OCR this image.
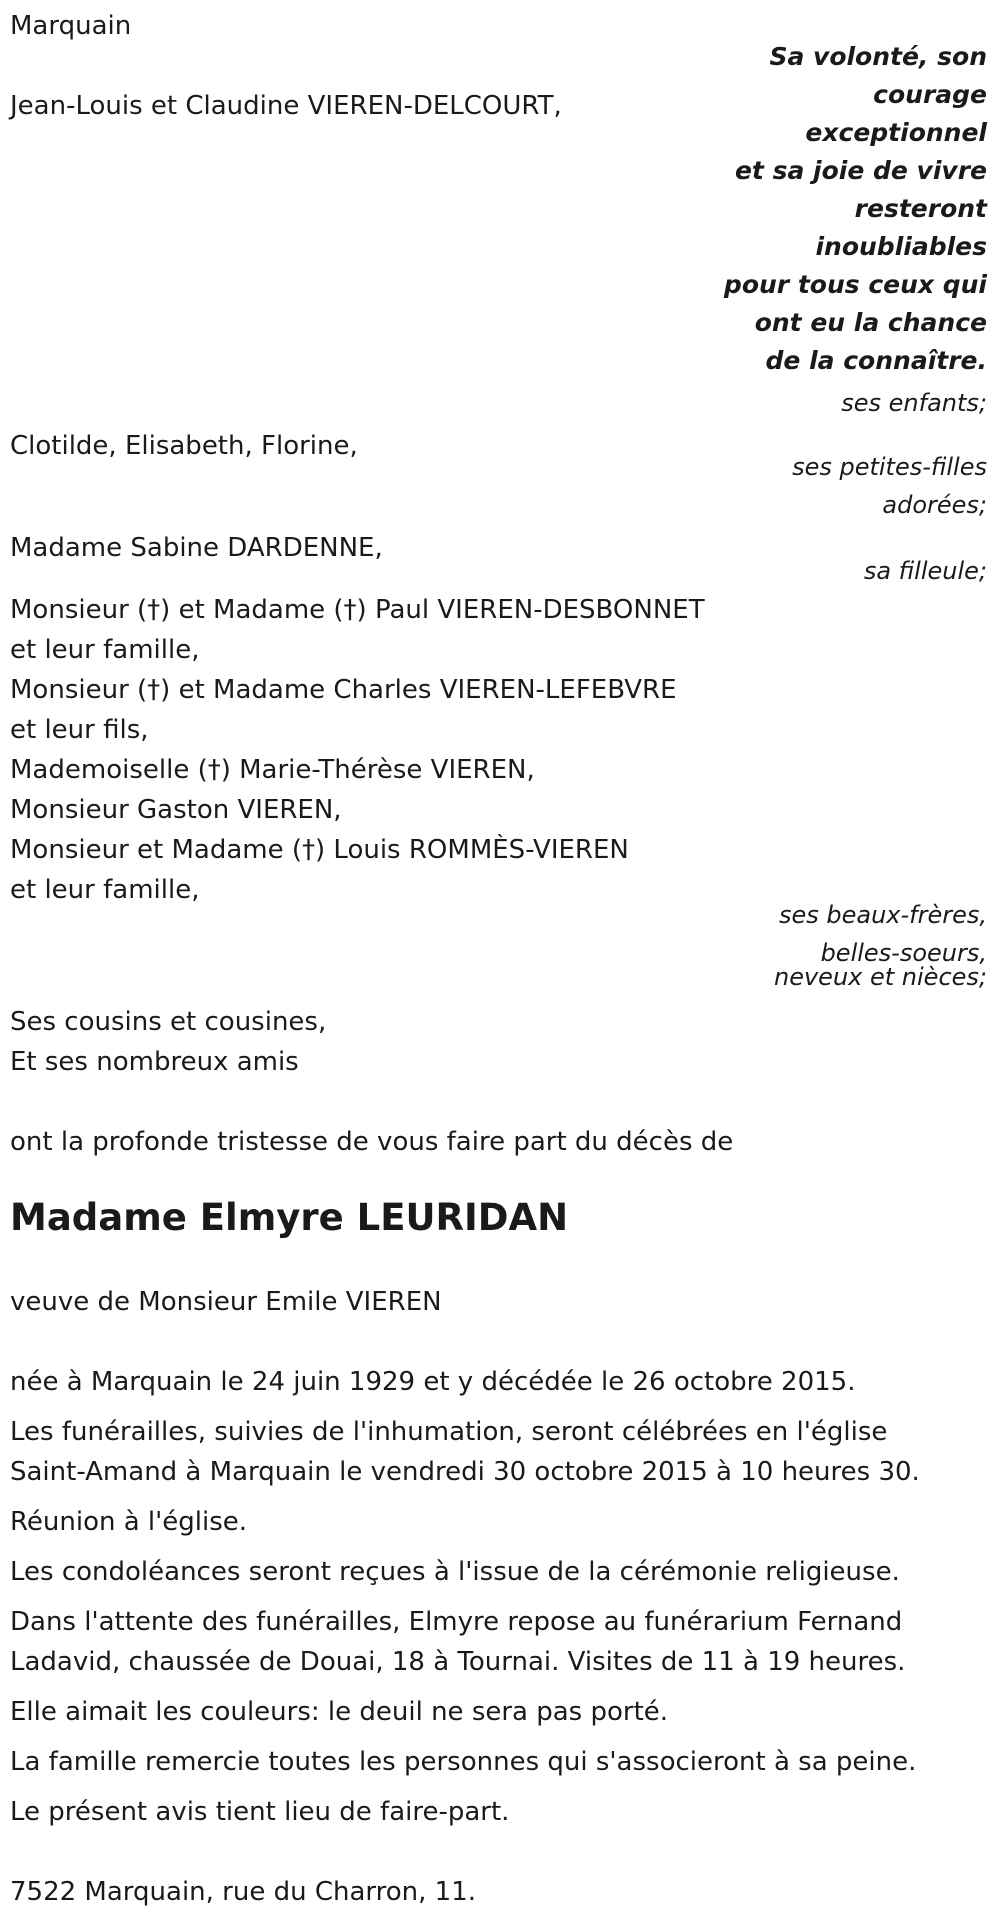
Marquain

Sa volonté, son
courage
exceptionnel
et sa joie de vivre
resteront
inoubliables
pour tous ceux qui
ont eu la chance
de la connaître.

Jean-Louis et Claudine VIEREN-DELCOURT,

ses enfants;

Clotilde, Elisabeth, Florine,

ses petites-filles
adorées;

Madame Sabine DARDENNE,

sa filleule;

Monsieur (†) et Madame (†) Paul VIEREN-DESBONNET

et leur famille,

Monsieur (†) et Madame Charles VIEREN-LEFEBVRE

et leur fils,

Mademoiselle (†) Marie-Thérèse VIEREN,

Monsieur Gaston VIEREN,

Monsieur et Madame (†) Louis ROMMÈS-VIEREN

et leur famille,

ses beaux-frères,

belles-soeurs,

neveux et nièces;

Ses cousins et cousines,

Et ses nombreux amis

ont la profonde tristesse de vous faire part du décès de

Madame Elmyre LEURIDAN

veuve de Monsieur Emile VIEREN

née à Marquain le 24 juin 1929 et y décédée le 26 octobre 2015.

Les funérailles, suivies de l'inhumation, seront célébrées en l'église

Saint-Amand à Marquain le vendredi 30 octobre 2015 à 10 heures 30.

Réunion à l'église.

Les condoléances seront reçues à l'issue de la cérémonie religieuse.

Dans l'attente des funérailles, Elmyre repose au funérarium Fernand

Ladavid, chaussée de Douai, 18 à Tournai. Visites de 11 à 19 heures.

Elle aimait les couleurs: le deuil ne sera pas porté.

La famille remercie toutes les personnes qui s'associeront à sa peine.

Le présent avis tient lieu de faire-part.

7522 Marquain, rue du Charron, 11.
